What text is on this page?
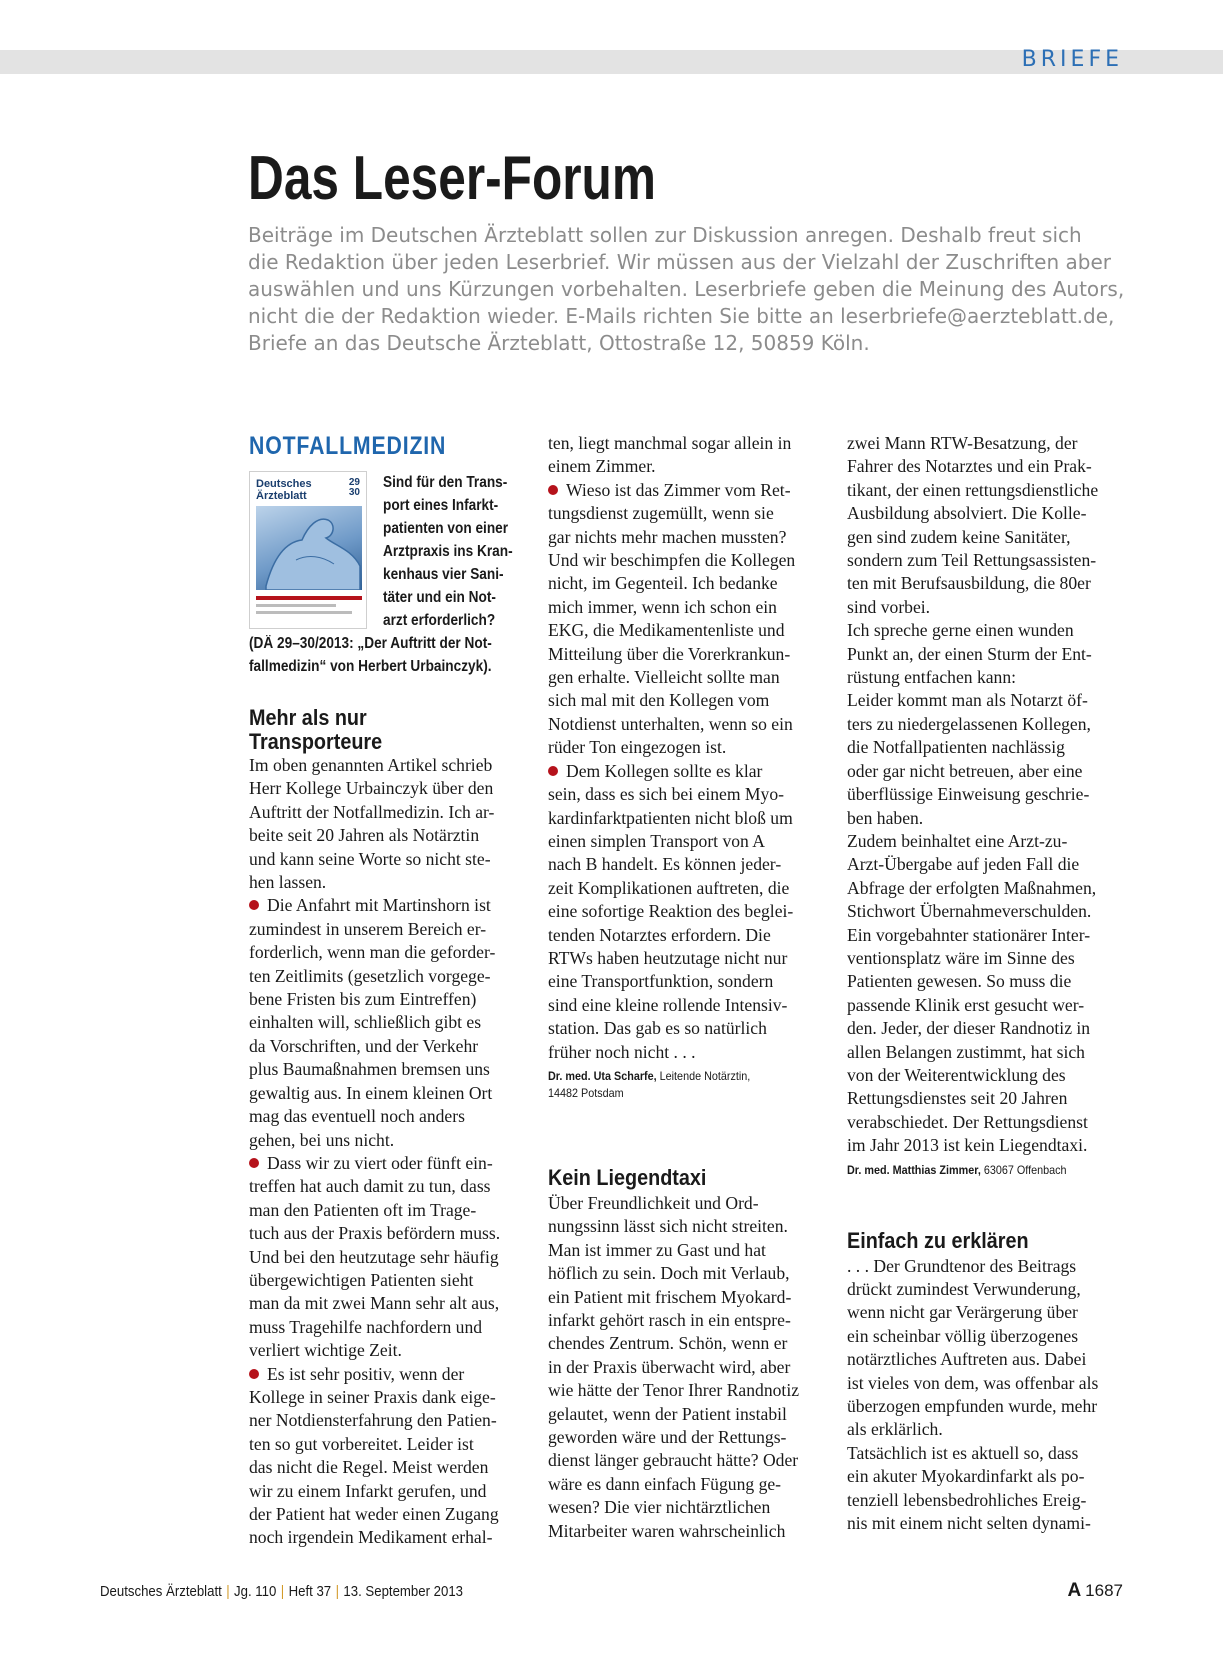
BRIEFE
Das Leser-Forum
Beiträge im Deutschen Ärzteblatt sollen zur Diskussion anregen. Deshalb freut sich
die Redaktion über jeden Leserbrief. Wir müssen aus der Vielzahl der Zuschriften aber
auswählen und uns Kürzungen vorbehalten. Leserbriefe geben die Meinung des Autors,
nicht die der Redaktion wieder. E-Mails richten Sie bitte an leserbriefe@aerzteblatt.de,
Briefe an das Deutsche Ärzteblatt, Ottostraße 12, 50859 Köln.
NOTFALLMEDIZIN
Deutsches
Ärzteblatt
29
30
Sind für den Trans-
port eines Infarkt-
patienten von einer
Arztpraxis ins Kran-
kenhaus vier Sani-
täter und ein Not-
arzt erforderlich?
(DÄ 29–30/2013: „Der Auftritt der Not-
fallmedizin“ von Herbert Urbainczyk).
Mehr als nur
Transporteure
Im oben genannten Artikel schrieb
Herr Kollege Urbainczyk über den
Auftritt der Notfallmedizin. Ich ar-
beite seit 20 Jahren als Notärztin
und kann seine Worte so nicht ste-
hen lassen.
Die Anfahrt mit Martinshorn ist
zumindest in unserem Bereich er-
forderlich, wenn man die geforder-
ten Zeitlimits (gesetzlich vorgege-
bene Fristen bis zum Eintreffen)
einhalten will, schließlich gibt es
da Vorschriften, und der Verkehr
plus Baumaßnahmen bremsen uns
gewaltig aus. In einem kleinen Ort
mag das eventuell noch anders
gehen, bei uns nicht.
Dass wir zu viert oder fünft ein-
treffen hat auch damit zu tun, dass
man den Patienten oft im Trage-
tuch aus der Praxis befördern muss.
Und bei den heutzutage sehr häufig
übergewichtigen Patienten sieht
man da mit zwei Mann sehr alt aus,
muss Tragehilfe nachfordern und
verliert wichtige Zeit.
Es ist sehr positiv, wenn der
Kollege in seiner Praxis dank eige-
ner Notdiensterfahrung den Patien-
ten so gut vorbereitet. Leider ist
das nicht die Regel. Meist werden
wir zu einem Infarkt gerufen, und
der Patient hat weder einen Zugang
noch irgendein Medikament erhal-
ten, liegt manchmal sogar allein in
einem Zimmer.
Wieso ist das Zimmer vom Ret-
tungsdienst zugemüllt, wenn sie
gar nichts mehr machen mussten?
Und wir beschimpfen die Kollegen
nicht, im Gegenteil. Ich bedanke
mich immer, wenn ich schon ein
EKG, die Medikamentenliste und
Mitteilung über die Vorerkrankun-
gen erhalte. Vielleicht sollte man
sich mal mit den Kollegen vom
Notdienst unterhalten, wenn so ein
rüder Ton eingezogen ist.
Dem Kollegen sollte es klar
sein, dass es sich bei einem Myo-
kardinfarktpatienten nicht bloß um
einen simplen Transport von A
nach B handelt. Es können jeder-
zeit Komplikationen auftreten, die
eine sofortige Reaktion des beglei-
tenden Notarztes erfordern. Die
RTWs haben heutzutage nicht nur
eine Transportfunktion, sondern
sind eine kleine rollende Intensiv-
station. Das gab es so natürlich
früher noch nicht . . .
Dr. med. Uta Scharfe, Leitende Notärztin,
14482 Potsdam
Kein Liegendtaxi
Über Freundlichkeit und Ord-
nungssinn lässt sich nicht streiten.
Man ist immer zu Gast und hat
höflich zu sein. Doch mit Verlaub,
ein Patient mit frischem Myokard-
infarkt gehört rasch in ein entspre-
chendes Zentrum. Schön, wenn er
in der Praxis überwacht wird, aber
wie hätte der Tenor Ihrer Randnotiz
gelautet, wenn der Patient instabil
geworden wäre und der Rettungs-
dienst länger gebraucht hätte? Oder
wäre es dann einfach Fügung ge-
wesen? Die vier nichtärztlichen
Mitarbeiter waren wahrscheinlich
zwei Mann RTW-Besatzung, der
Fahrer des Notarztes und ein Prak-
tikant, der einen rettungsdienstliche
Ausbildung absolviert. Die Kolle-
gen sind zudem keine Sanitäter,
sondern zum Teil Rettungsassisten-
ten mit Berufsausbildung, die 80er
sind vorbei.
Ich spreche gerne einen wunden
Punkt an, der einen Sturm der Ent-
rüstung entfachen kann:
Leider kommt man als Notarzt öf-
ters zu niedergelassenen Kollegen,
die Notfallpatienten nachlässig
oder gar nicht betreuen, aber eine
überflüssige Einweisung geschrie-
ben haben.
Zudem beinhaltet eine Arzt-zu-
Arzt-Übergabe auf jeden Fall die
Abfrage der erfolgten Maßnahmen,
Stichwort Übernahmeverschulden.
Ein vorgebahnter stationärer Inter-
ventionsplatz wäre im Sinne des
Patienten gewesen. So muss die
passende Klinik erst gesucht wer-
den. Jeder, der dieser Randnotiz in
allen Belangen zustimmt, hat sich
von der Weiterentwicklung des
Rettungsdienstes seit 20 Jahren
verabschiedet. Der Rettungsdienst
im Jahr 2013 ist kein Liegendtaxi.
Dr. med. Matthias Zimmer, 63067 Offenbach
Einfach zu erklären
. . . Der Grundtenor des Beitrags
drückt zumindest Verwunderung,
wenn nicht gar Verärgerung über
ein scheinbar völlig überzogenes
notärztliches Auftreten aus. Dabei
ist vieles von dem, was offenbar als
überzogen empfunden wurde, mehr
als erklärlich.
Tatsächlich ist es aktuell so, dass
ein akuter Myokardinfarkt als po-
tenziell lebensbedrohliches Ereig-
nis mit einem nicht selten dynami-
Deutsches Ärzteblatt | Jg. 110 | Heft 37 | 13. September 2013	A 1687
